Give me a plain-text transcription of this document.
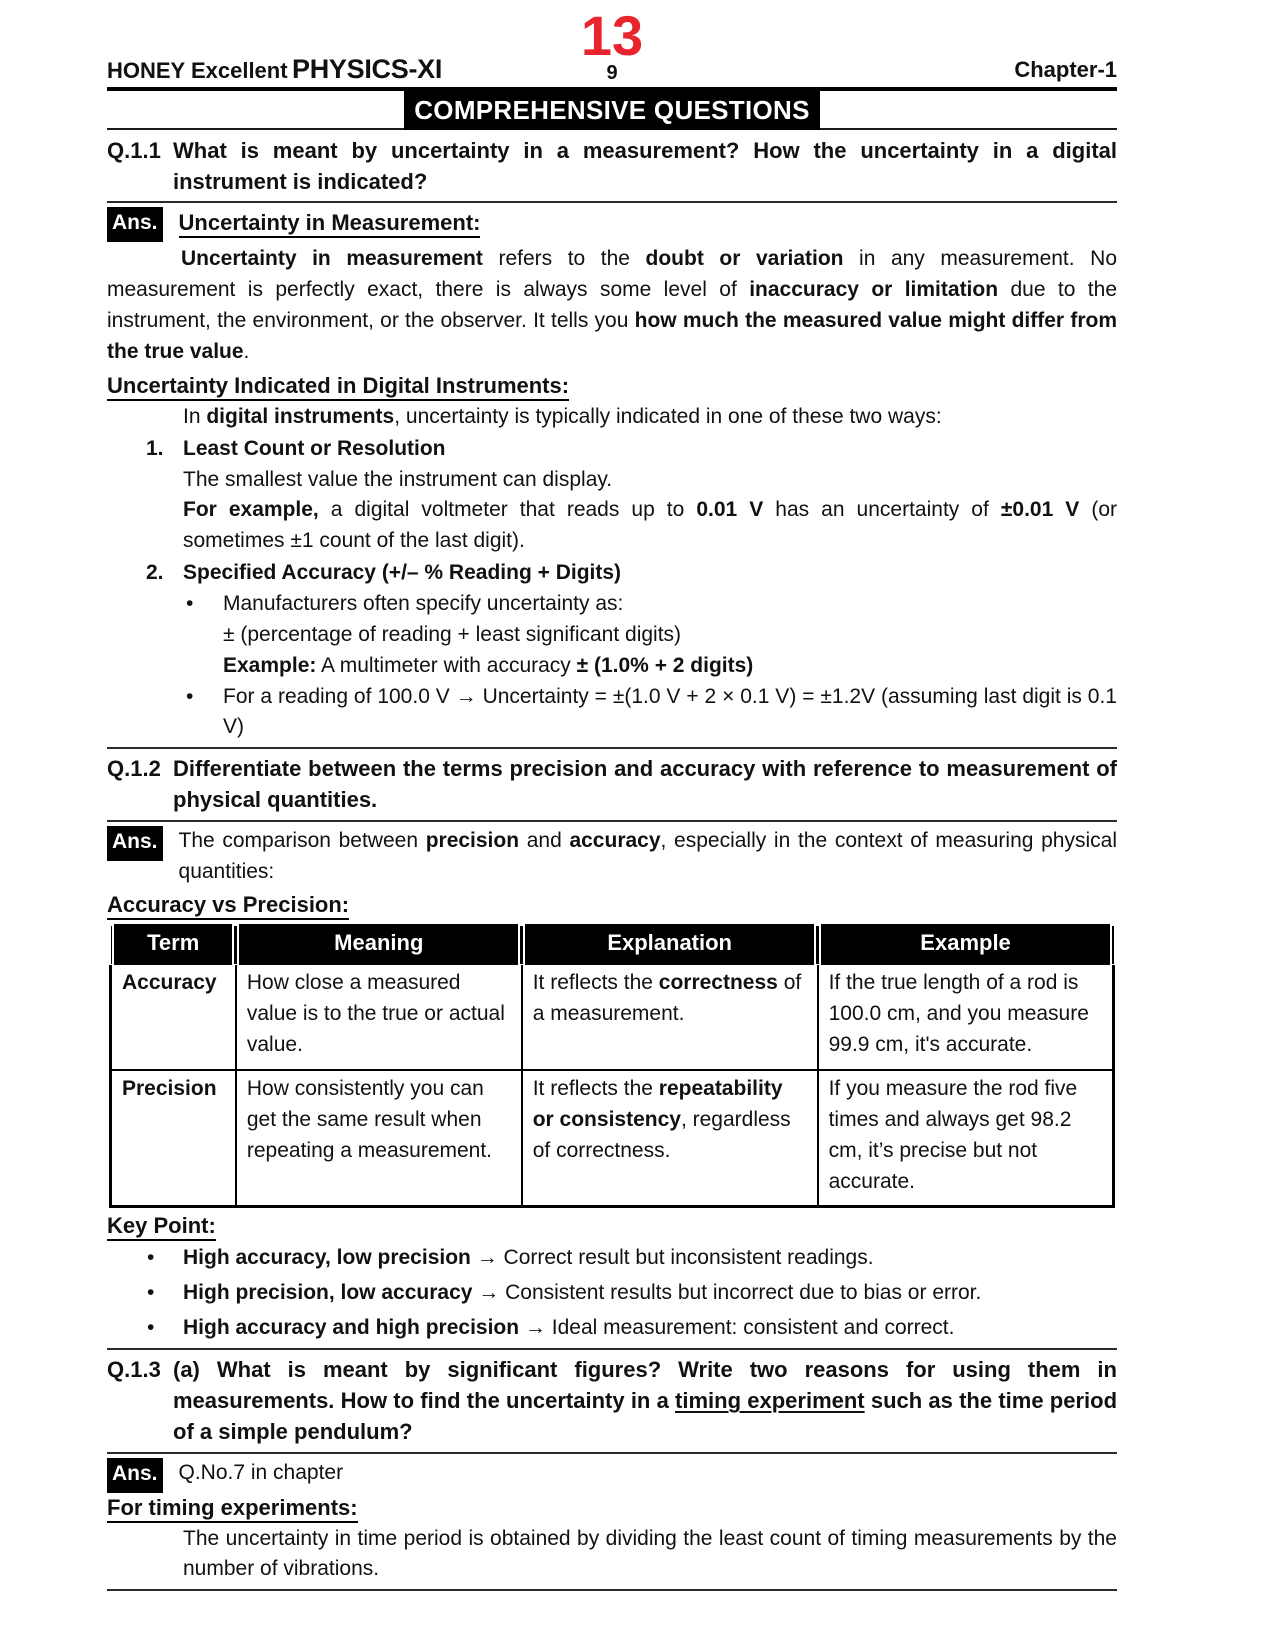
HONEY Excellent PHYSICS-XI
13
9	Chapter-1
COMPREHENSIVE QUESTIONS
Q.1.1 What is meant by uncertainty in a measurement? How the uncertainty in a digital instrument is indicated?
Ans. Uncertainty in Measurement:
Uncertainty in measurement refers to the doubt or variation in any measurement. No measurement is perfectly exact, there is always some level of inaccuracy or limitation due to the instrument, the environment, or the observer. It tells you how much the measured value might differ from the true value.
Uncertainty Indicated in Digital Instruments:
In digital instruments, uncertainty is typically indicated in one of these two ways:
1. Least Count or Resolution
The smallest value the instrument can display.
For example, a digital voltmeter that reads up to 0.01 V has an uncertainty of ±0.01 V (or sometimes ±1 count of the last digit).
2. Specified Accuracy (+/– % Reading + Digits)
•
Manufacturers often specify uncertainty as:
± (percentage of reading + least significant digits)
Example: A multimeter with accuracy ± (1.0% + 2 digits)
•
For a reading of 100.0 V → Uncertainty = ±(1.0 V + 2 × 0.1 V) = ±1.2V (assuming last digit is 0.1 V)
Q.1.2 Differentiate between the terms precision and accuracy with reference to measurement of physical quantities.
Ans. The comparison between precision and accuracy, especially in the context of measuring physical quantities:
Accuracy vs Precision:
Term	Meaning	Explanation	Example
Accuracy	How close a measured value is to the true or actual value.	It reflects the correctness of a measurement.	If the true length of a rod is 100.0 cm, and you measure 99.9 cm, it's accurate.
Precision	How consistently you can get the same result when repeating a measurement.	It reflects the repeatability or consistency, regardless of correctness.	If you measure the rod five times and always get 98.2 cm, it’s precise but not accurate.
Key Point:
•
High accuracy, low precision → Correct result but inconsistent readings.
•
High precision, low accuracy → Consistent results but incorrect due to bias or error.
•
High accuracy and high precision → Ideal measurement: consistent and correct.
Q.1.3 (a) What is meant by significant figures? Write two reasons for using them in measurements. How to find the uncertainty in a timing experiment such as the time period of a simple pendulum?
Ans. Q.No.7 in chapter
For timing experiments:
The uncertainty in time period is obtained by dividing the least count of timing measurements by the number of vibrations.
